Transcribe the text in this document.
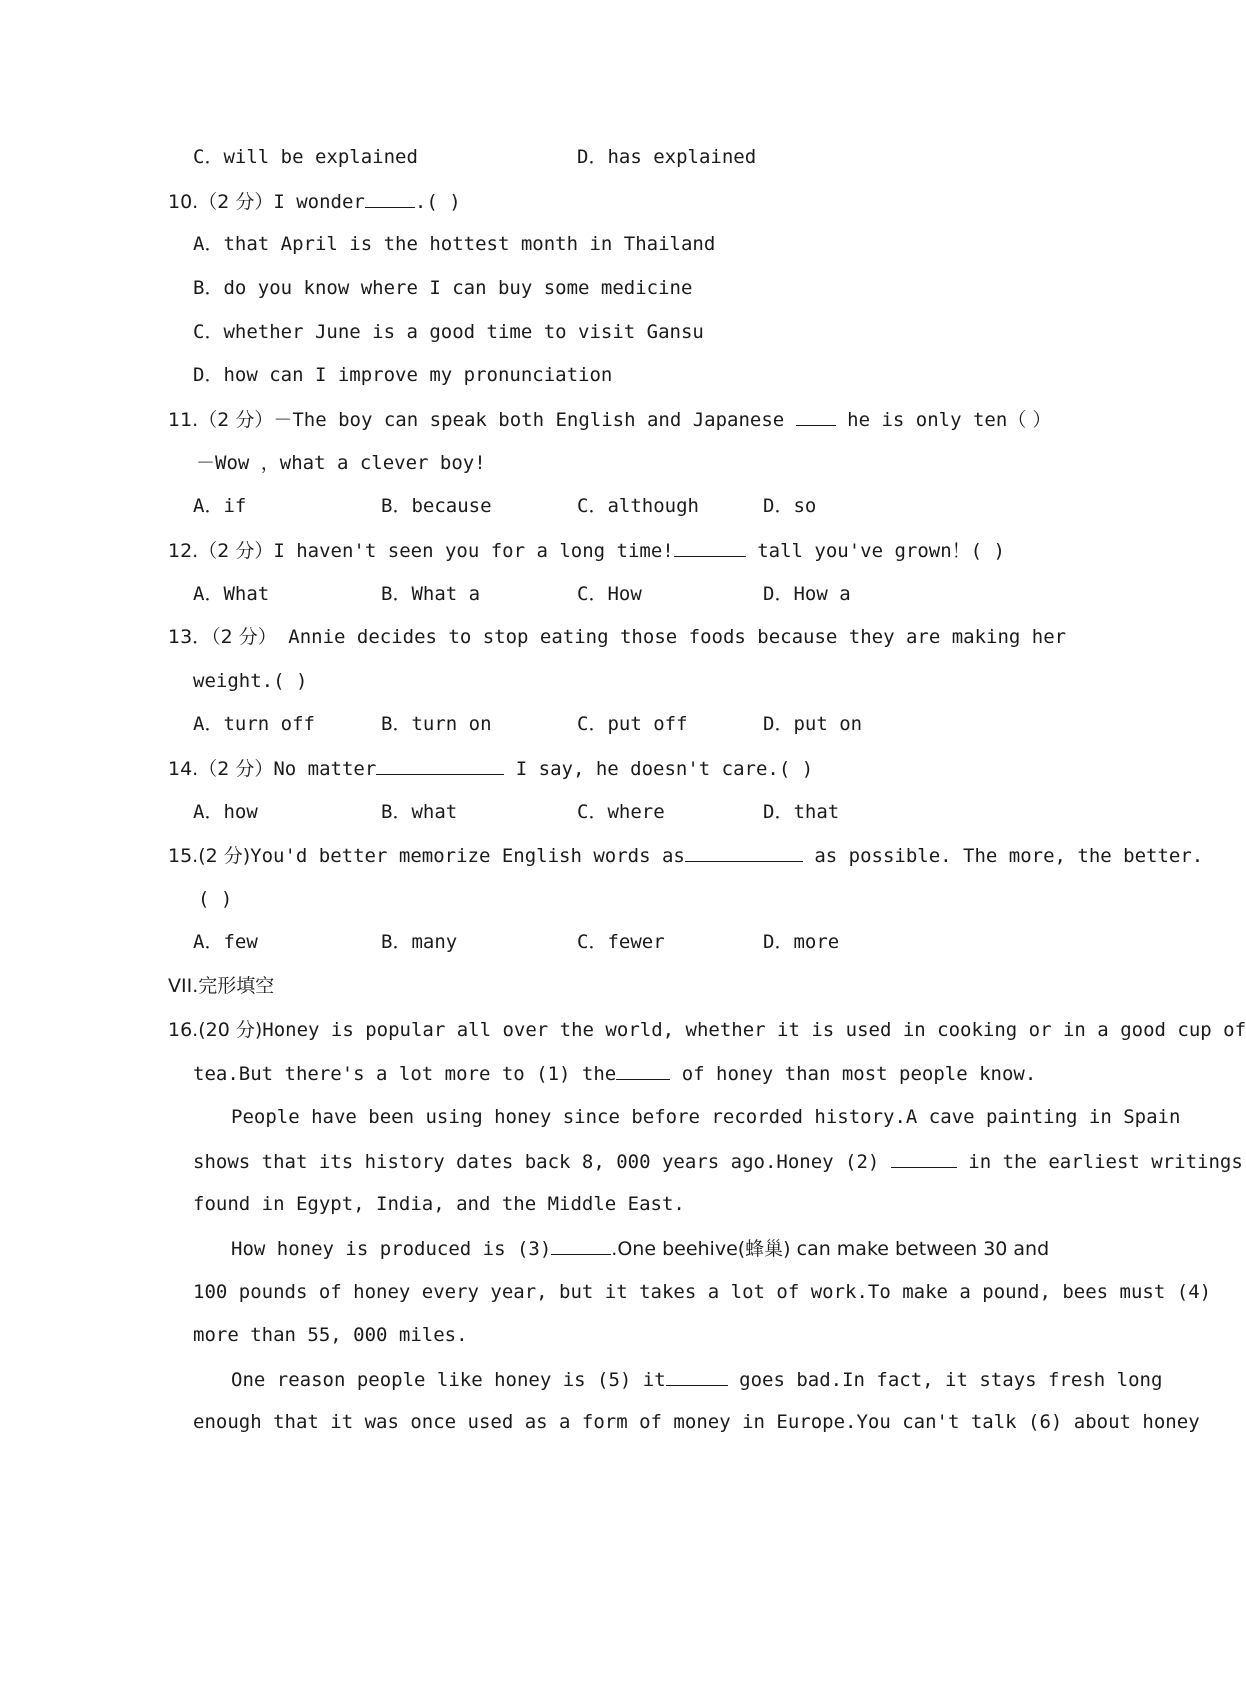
C．will be explained	D．has explained
10.（2 分）I wonder	.( )
A．that April is the hottest month in Thailand
B．do you know where I can buy some medicine
C．whether June is a good time to visit Gansu
D．how can I improve my pronunciation
11.（2 分）－The boy can speak both English and Japanese	he is only ten（ ）
－Wow ，what a clever boy!
A．if	B．because	C．although	D．so
12.（2 分）I haven't seen you for a long time!	tall you've grown！( )
A．What	B．What a	C．How	D．How a
13．（2 分） Annie decides to stop eating those foods because they are making her
weight.( )
A．turn off	B．turn on	C．put off	D．put on
14.（2 分）No matter	I say, he doesn't care.( )
A．how	B．what	C．where	D．that
15.(2 分)You'd better memorize English words as	as possible. The more, the better.
( )
A．few	B．many	C．fewer	D．more
VII.完形填空
16.(20 分)Honey is popular all over the world, whether it is used in cooking or in a good cup of
tea.But there's a lot more to (1) the	of honey than most people know.
People have been using honey since before recorded history.A cave painting in Spain
shows that its history dates back 8, 000 years ago.Honey (2)	in the earliest writings
found in Egypt, India, and the Middle East.
How honey is produced is (3)	.One beehive(蜂巢) can make between 30 and
100 pounds of honey every year, but it takes a lot of work.To make a pound, bees must (4)
more than 55, 000 miles.
One reason people like honey is (5) it	goes bad.In fact, it stays fresh long
enough that it was once used as a form of money in Europe.You can't talk (6) about honey
